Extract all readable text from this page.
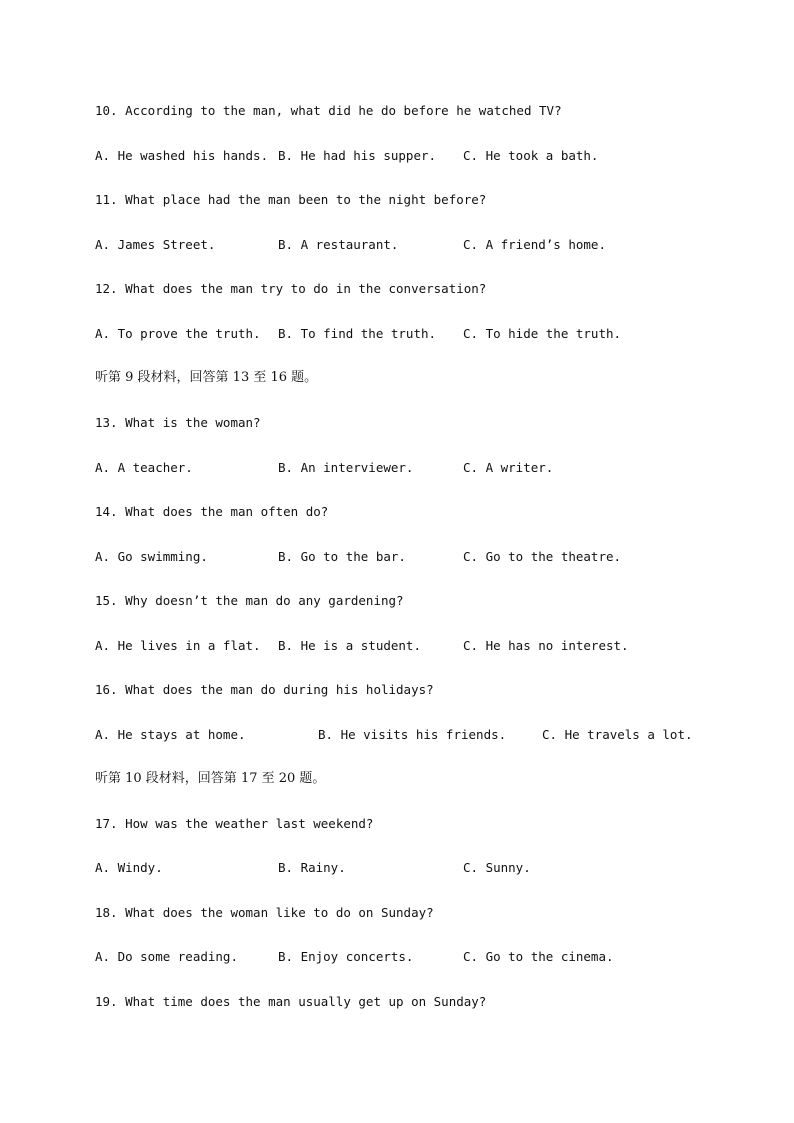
10. According to the man, what did he do before he watched TV?
A. He washed his hands. B. He had his supper. C. He took a bath.
11. What place had the man been to the night before?
A. James Street.	B. A restaurant.	C. A friend’s home.
12. What does the man try to do in the conversation?
A. To prove the truth. B. To find the truth. C. To hide the truth.
听第 9 段材料，回答第 13 至 16 题。
13. What is the woman?
A. A teacher.	B. An interviewer.	C. A writer.
14. What does the man often do?
A. Go swimming.	B. Go to the bar.	C. Go to the theatre.
15. Why doesn’t the man do any gardening?
A. He lives in a flat. B. He is a student.	C. He has no interest.
16. What does the man do during his holidays?
A. He stays at home.	B. He visits his friends.	C. He travels a lot.
听第 10 段材料，回答第 17 至 20 题。
17. How was the weather last weekend?
A. Windy.	B. Rainy.	C. Sunny.
18. What does the woman like to do on Sunday?
A. Do some reading.	B. Enjoy concerts.	C. Go to the cinema.
19. What time does the man usually get up on Sunday?
